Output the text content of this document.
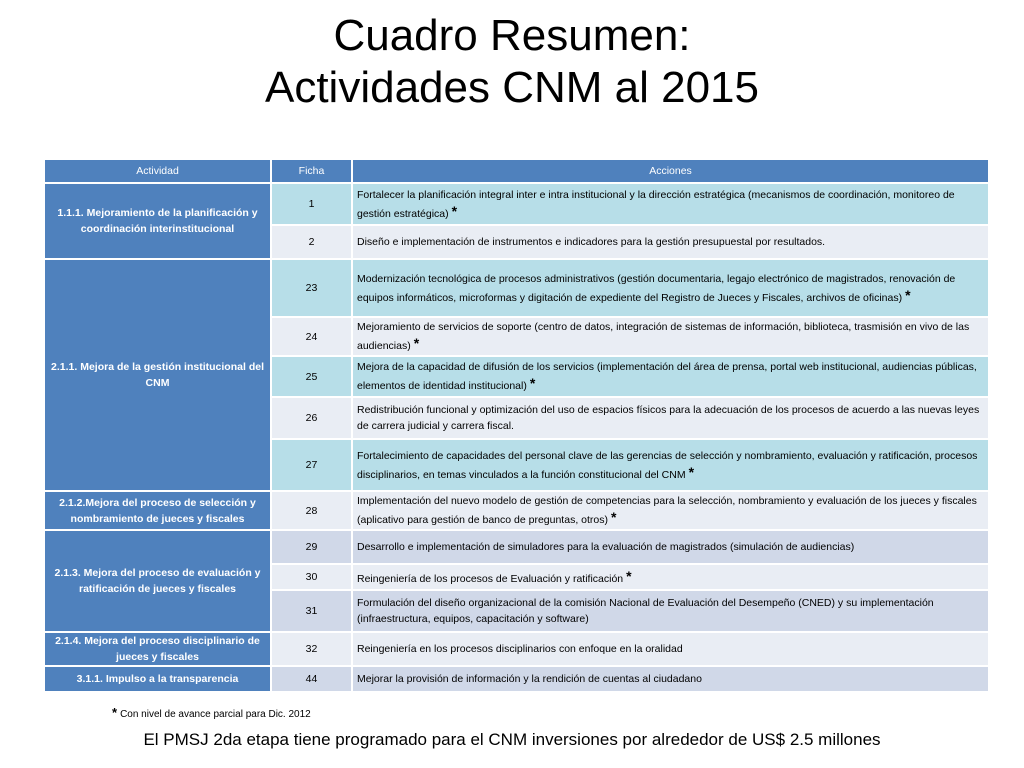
Cuadro Resumen:
Actividades CNM al 2015
Actividad	Ficha	Acciones
1.1.1. Mejoramiento de la planificación y coordinación interinstitucional	1	Fortalecer la planificación integral inter e intra institucional y la dirección estratégica (mecanismos de coordinación, monitoreo de gestión estratégica) *
	2	Diseño e implementación de instrumentos e indicadores para la gestión presupuestal por resultados.
2.1.1. Mejora de la gestión institucional del CNM	23	Modernización tecnológica de procesos administrativos (gestión documentaria, legajo electrónico de magistrados, renovación de equipos informáticos, microformas y digitación de expediente del Registro de Jueces y Fiscales, archivos de oficinas) *
	24	Mejoramiento de servicios de soporte (centro de datos, integración de sistemas de información, biblioteca, trasmisión en vivo de las audiencias) *
	25	Mejora de la capacidad de difusión de los servicios (implementación del área de prensa, portal web institucional, audiencias públicas, elementos de identidad institucional) *
	26	Redistribución funcional y optimización del uso de espacios físicos para la adecuación de los procesos de acuerdo a las nuevas leyes de carrera judicial y carrera fiscal.
	27	Fortalecimiento de capacidades del personal clave de las gerencias de selección y nombramiento, evaluación y ratificación, procesos disciplinarios, en temas vinculados a la función constitucional del CNM *
2.1.2.Mejora del proceso de selección y nombramiento de jueces y fiscales	28	Implementación del nuevo modelo de gestión de competencias para la selección, nombramiento y evaluación de los jueces y fiscales (aplicativo para gestión de banco de preguntas, otros) *
2.1.3. Mejora del proceso de evaluación y ratificación de jueces y fiscales	29	Desarrollo e implementación de simuladores para la evaluación de magistrados (simulación de audiencias)
	30	Reingeniería de los procesos de Evaluación y ratificación *
	31	Formulación del diseño organizacional de la comisión Nacional de Evaluación del Desempeño (CNED) y su implementación (infraestructura, equipos, capacitación y software)
2.1.4. Mejora del proceso disciplinario de jueces y fiscales	32	Reingeniería en los procesos disciplinarios con enfoque en la oralidad
3.1.1. Impulso a la transparencia	44	Mejorar la provisión de información y la rendición de cuentas al ciudadano
* Con nivel de avance parcial para Dic. 2012
El PMSJ 2da etapa tiene programado para el CNM inversiones por alrededor de US$ 2.5 millones
